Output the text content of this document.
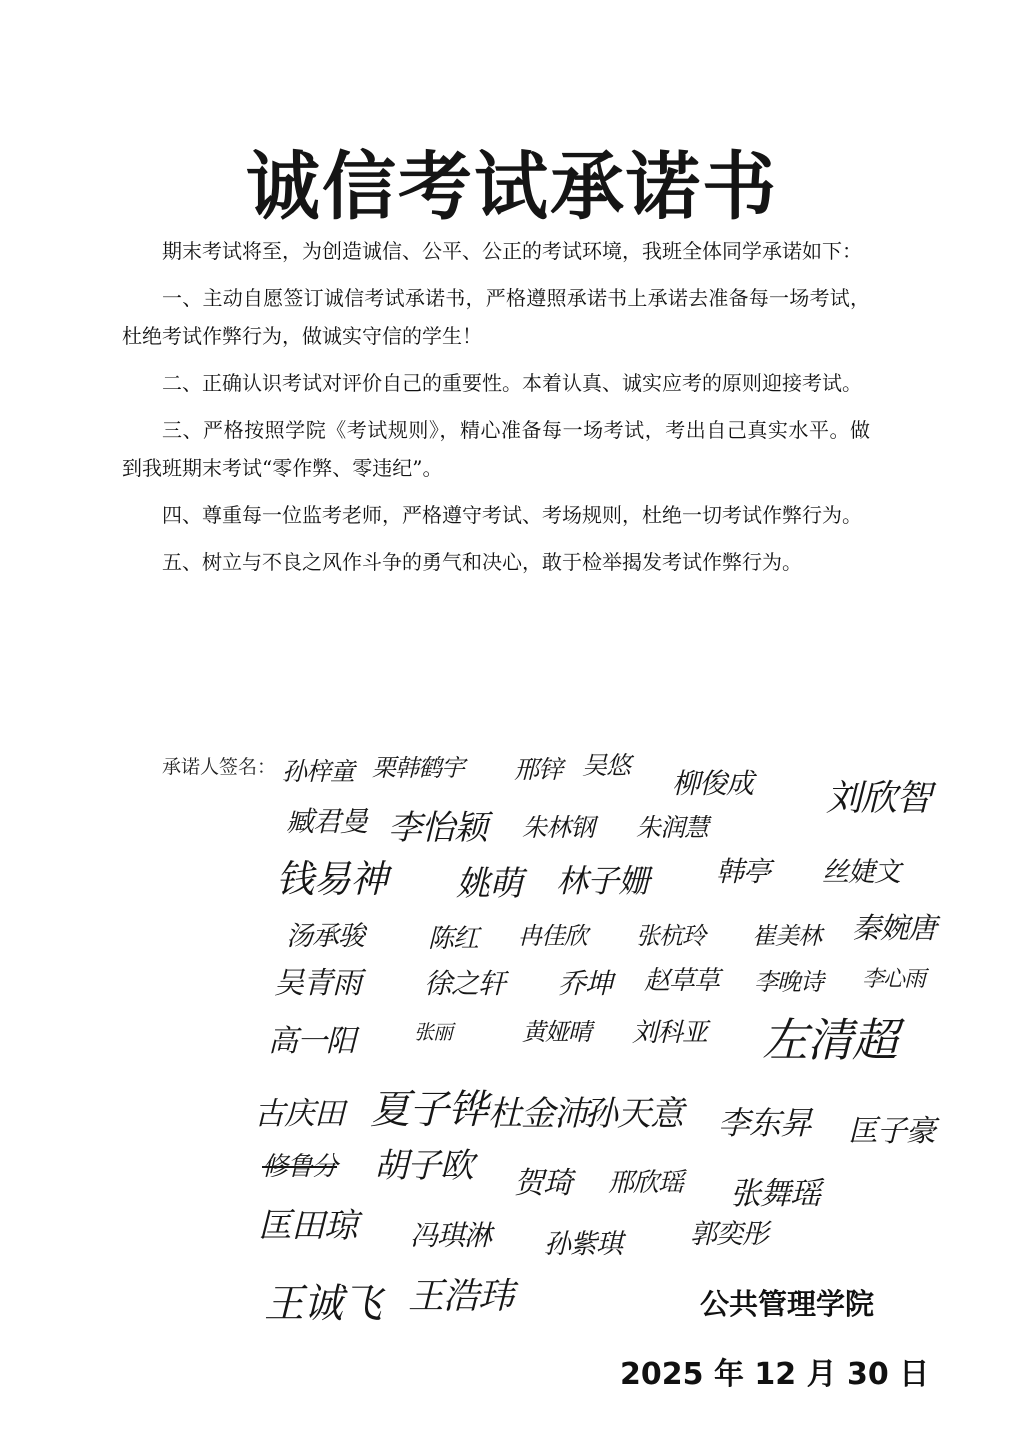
诚信考试承诺书

期末考试将至，为创造诚信、公平、公正的考试环境，我班全体同学承诺如下：

一、主动自愿签订诚信考试承诺书，严格遵照承诺书上承诺去准备每一场考试，杜绝考试作弊行为，做诚实守信的学生！

二、正确认识考试对评价自己的重要性。本着认真、诚实应考的原则迎接考试。

三、严格按照学院《考试规则》，精心准备每一场考试，考出自己真实水平。做到我班期末考试“零作弊、零违纪”。

四、尊重每一位监考老师，严格遵守考试、考场规则，杜绝一切考试作弊行为。

五、树立与不良之风作斗争的勇气和决心，敢于检举揭发考试作弊行为。

承诺人签名： 孙梓童 栗韩鹤宇 邢锌 吴悠
柳俊成 刘欣智
臧君曼 李怡颖 朱林钢 朱润慧
钱易神 姚萌 林子姗 韩亭 丝婕文
汤承骏 陈红 冉佳欣 张杭玲 崔美林 秦婉唐
吴青雨 徐之轩 乔坤 赵草草 李晚诗 李心雨
高一阳	张丽	黄娅晴 刘科亚 左清超
古庆田 夏子铧 杜金沛
孙天意 李东昇 匡子豪
修鲁分 胡子欧 贺琦 邢欣瑶 张舞瑶
匡田琼 冯琪淋 孙紫琪	郭奕彤
王诚飞 王浩玮	公共管理学院
2025 年 12 月 30 日
